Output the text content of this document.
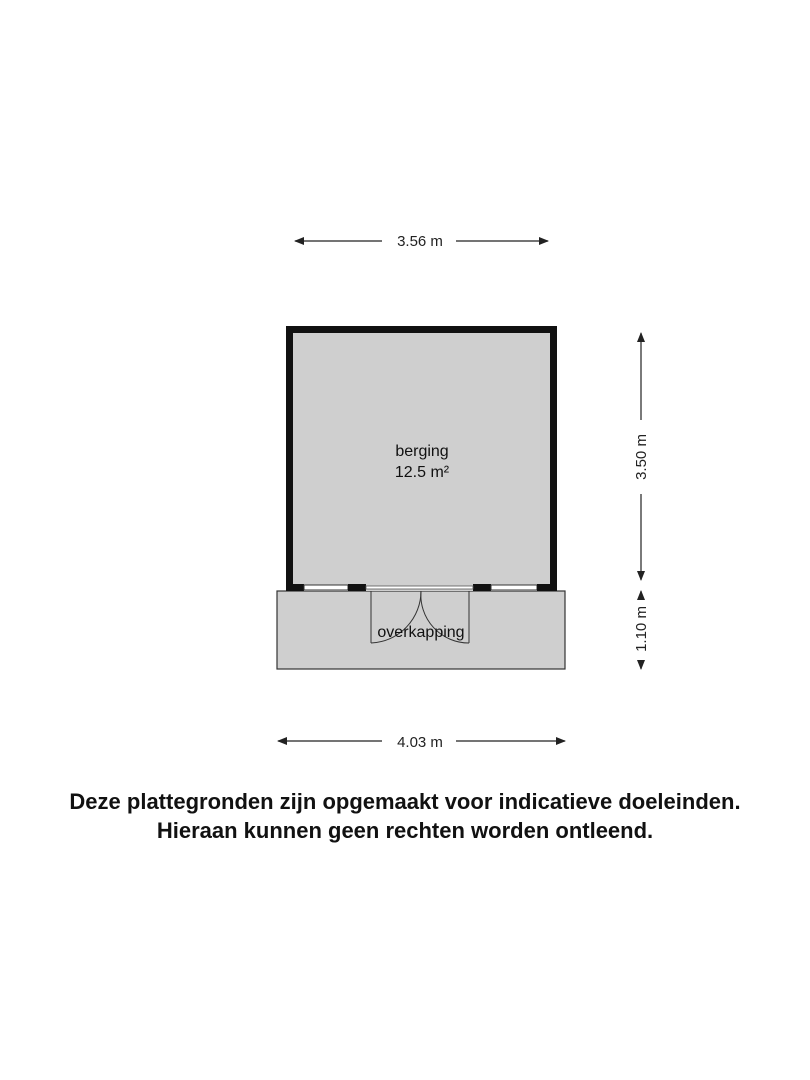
3.56 m
berging
12.5 m²
overkapping
3.50 m
1.10 m
4.03 m
Deze plattegronden zijn opgemaakt voor indicatieve doeleinden.
Hieraan kunnen geen rechten worden ontleend.
